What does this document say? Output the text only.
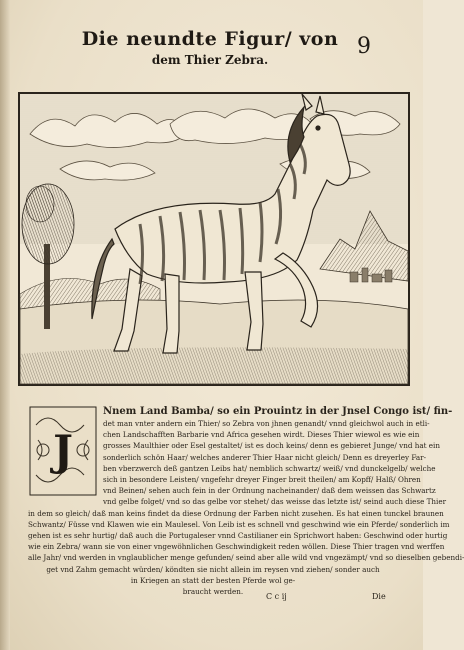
Die neundte Figur/ von
dem Thier Zebra.
9
J
Nnem Land Bamba/ so ein Prouintz in der Jnsel Congo ist/ fin-
det man vnter andern ein Thier/ so Zebra von jhnen genandt/ vnnd gleichwol auch in etli-
chen Landschafften Barbarie vnd Africa gesehen wirdt. Dieses Thier wiewol es wie ein
grosses Maulthier oder Esel gestaltet/ ist es doch keins/ denn es gebieret Junge/ vnd hat ein
sonderlich schön Haar/ welches anderer Thier Haar nicht gleich/ Denn es dreyerley Far-
ben vberzwerch deß gantzen Leibs hat/ nemblich schwartz/ weiß/ vnd dunckelgelb/ welche
sich in besondere Leisten/ vngefehr dreyer Finger breit theilen/ am Kopff/ Halß/ Ohren
vnd Beinen/ sehen auch fein in der Ordnung nacheinander/ daß dem weissen das Schwartz
vnd gelbe folget/ vnd so das gelbe vor stehet/ das weisse das letzte ist/ seind auch diese Thier
in dem so gleich/ daß man keins findet da diese Ordnung der Farben nicht zusehen. Es hat einen tunckel braunen
Schwantz/ Füsse vnd Klawen wie ein Maulesel. Von Leib ist es schnell vnd geschwind wie ein Pferde/ sonderlich im
gehen ist es sehr hurtig/ daß auch die Portugaleser vnnd Castilianer ein Sprichwort haben: Geschwind oder hurtig
wie ein Zebra/ wann sie von einer vngewöhnlichen Geschwindigkeit reden wöllen. Diese Thier tragen vnd werffen
alle Jahr/ vnd werden in vnglaublicher menge gefunden/ seind aber alle wild vnd vngezämpt/ vnd so dieselben gebendi-
get vnd Zahm gemacht würden/ köndten sie nicht allein im reysen vnd ziehen/ sonder auch
in Kriegen an statt der besten Pferde wol ge-
braucht werden.
C c ij	Die
